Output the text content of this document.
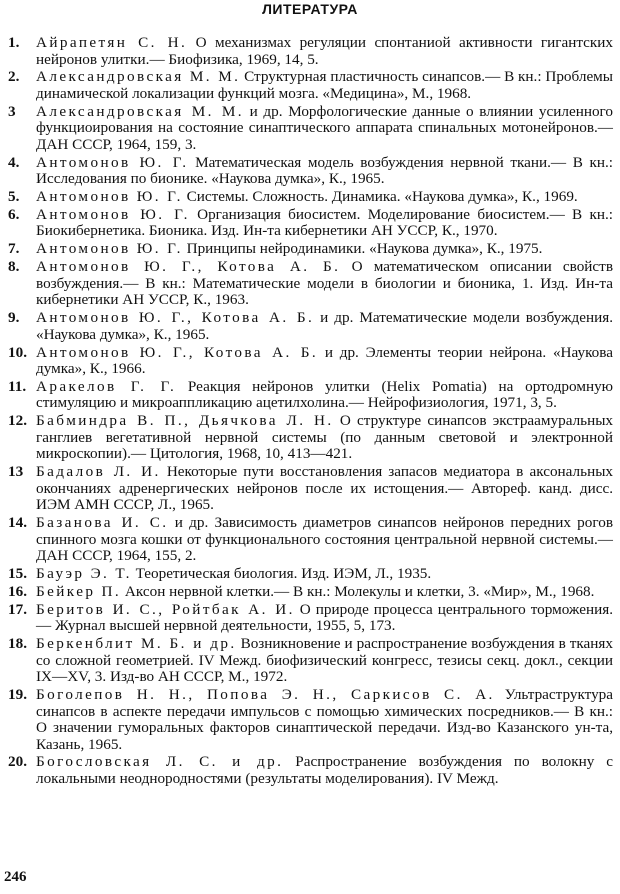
ЛИТЕРАТУРА
1.	Айрапетян С. Н. О механизмах регуляции спонтаниой активности гигантских нейронов улитки.— Биофизика, 1969, 14, 5.
2.	Александровская М. М. Структурная пластичность синапсов.— В кн.: Проблемы динамической локализации функций мозга. «Медицина», М., 1968.
3	Александровская М. М. и др. Морфологические данные о влиянии усиленного функциоирования на состояние синаптического аппарата спинальных мотонейронов.— ДАН СССР, 1964, 159, 3.
4.	Антомонов Ю. Г. Математическая модель возбуждения нервной ткани.— В кн.: Исследования по бионике. «Наукова думка», К., 1965.
5.	Антомонов Ю. Г. Системы. Сложность. Динамика. «Наукова думка», К., 1969.
6.	Антомонов Ю. Г. Организация биосистем. Моделирование биосистем.— В кн.: Биокибернетика. Бионика. Изд. Ин-та кибернетики АН УССР, К., 1970.
7.	Антомонов Ю. Г. Принципы нейродинамики. «Наукова думка», К., 1975.
8.	Антомонов Ю. Г., Котова А. Б. О математическом описании свойств возбуждения.— В кн.: Математические модели в биологии и бионика, 1. Изд. Ин-та кибернетики АН УССР, К., 1963.
9.	Антомонов Ю. Г., Котова А. Б. и др. Математические модели возбуждения. «Наукова думка», К., 1965.
10. Антомонов Ю. Г., Котова А. Б. и др. Элементы теории нейрона. «Наукова думка», К., 1966.
11. Аракелов Г. Г. Реакция нейронов улитки (Helix Pomatia) на ортодромную стимуляцию и микроаппликацию ацетилхолина.— Нейрофизиология, 1971, 3, 5.
12. Бабминдра В. П., Дьячкова Л. Н. О структуре синапсов экстраамуральных ганглиев вегетативной нервной системы (по данным световой и электронной микроскопии).— Цитология, 1968, 10, 413—421.
13 Бадалов Л. И. Некоторые пути восстановления запасов медиатора в аксональных окончаниях адренергических нейронов после их истощения.— Автореф. канд. дисс. ИЭМ АМН СССР, Л., 1965.
14. Базанова И. С. и др. Зависимость диаметров синапсов нейронов передних рогов спинного мозга кошки от функционального состояния центральной нервной системы.— ДАН СССР, 1964, 155, 2.
15. Бауэр Э. Т. Теоретическая биология. Изд. ИЭМ, Л., 1935.
16. Бейкер П. Аксон нервной клетки.— В кн.: Молекулы и клетки, 3. «Мир», М., 1968.
17. Беритов И. С., Ройтбак А. И. О природе процесса центрального торможения.— Журнал высшей нервной деятельности, 1955, 5, 173.
18. Беркенблит М. Б. и др. Возникновение и распространение возбуждения в тканях со сложной геометрией. IV Межд. биофизический конгресс, тезисы секц. докл., секции IX—XV, 3. Изд-во АН СССР, М., 1972.
19. Боголепов Н. Н., Попова Э. Н., Саркисов С. А. Ультраструктура синапсов в аспекте передачи импульсов с помощью химических посредников.— В кн.: О значении гуморальных факторов синаптической передачи. Изд-во Казанского ун-та, Казань, 1965.
20. Богословская Л. С. и др. Распространение возбуждения по волокну с локальными неоднородностями (результаты моделирования). IV Межд.
246
